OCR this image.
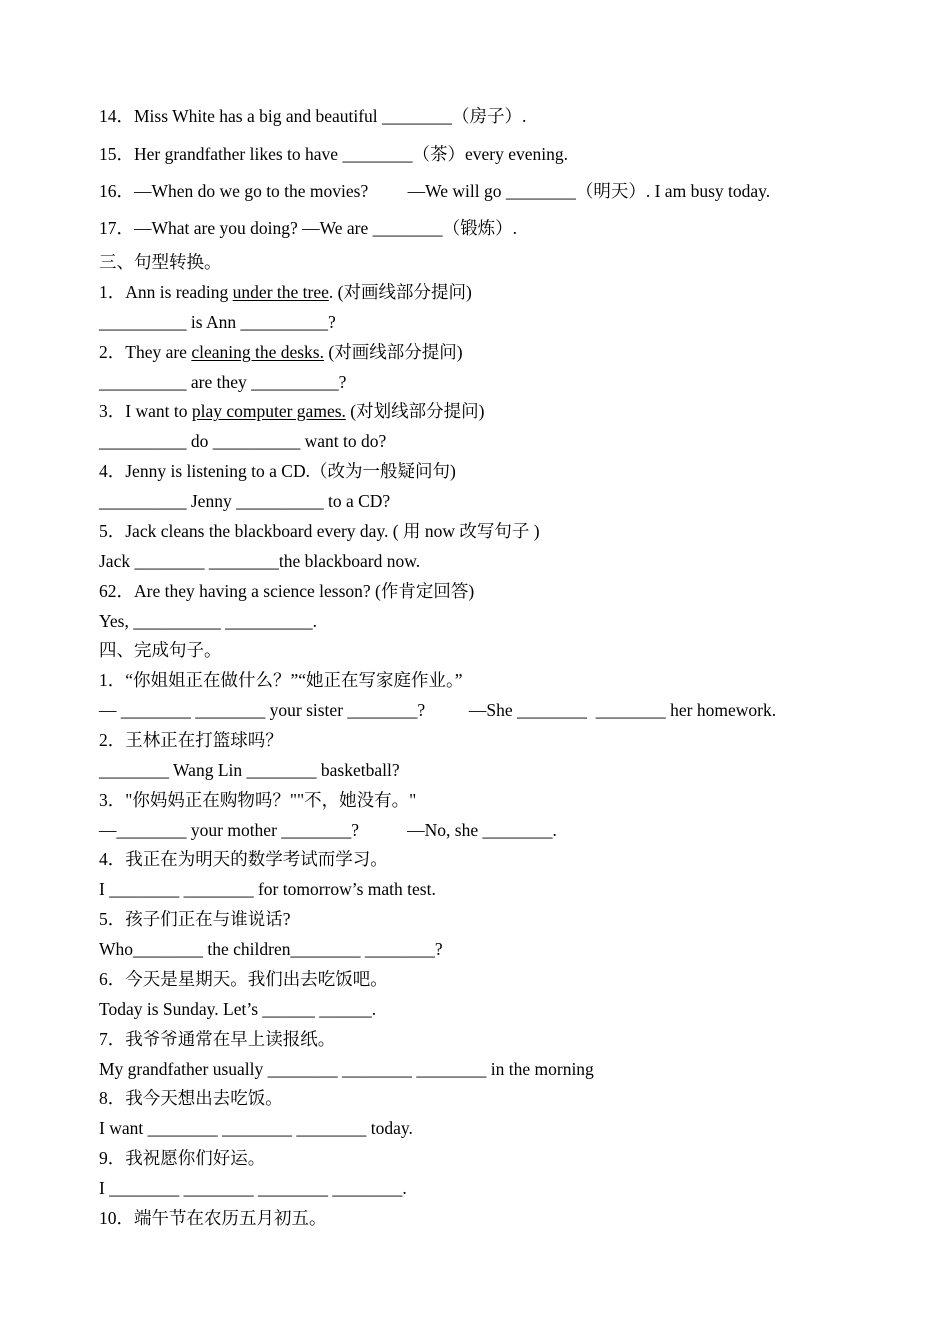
14．Miss White has a big and beautiful ________（房子）.
15．Her grandfather likes to have ________（茶）every evening.
16．—When do we go to the movies?         —We will go ________（明天）. I am busy today.
17．—What are you doing? —We are ________（锻炼）.
三、句型转换。
1．Ann is reading under the tree. (对画线部分提问)
__________ is Ann __________?
2．They are cleaning the desks. (对画线部分提问)
__________ are they __________?
3．I want to play computer games. (对划线部分提问)
__________ do __________ want to do?
4．Jenny is listening to a CD.（改为一般疑问句)
__________ Jenny __________ to a CD?
5．Jack cleans the blackboard every day. ( 用 now 改写句子 )
Jack ________ ________the blackboard now.
62．Are they having a science lesson? (作肯定回答)
Yes, __________ __________.
四、完成句子。
1．“你姐姐正在做什么？”“她正在写家庭作业。”
— ________ ________ your sister ________?          —She ________  ________ her homework.
2．王林正在打篮球吗？
________ Wang Lin ________ basketball?
3．"你妈妈正在购物吗？""不，她没有。"
—________ your mother ________?           —No, she ________.
4．我正在为明天的数学考试而学习。
I ________ ________ for tomorrow’s math test.
5．孩子们正在与谁说话?
Who________ the children________ ________?
6．今天是星期天。我们出去吃饭吧。
Today is Sunday. Let’s ______ ______.
7．我爷爷通常在早上读报纸。
My grandfather usually ________ ________ ________ in the morning
8．我今天想出去吃饭。
I want ________ ________ ________ today.
9．我祝愿你们好运。
I ________ ________ ________ ________.
10．端午节在农历五月初五。
